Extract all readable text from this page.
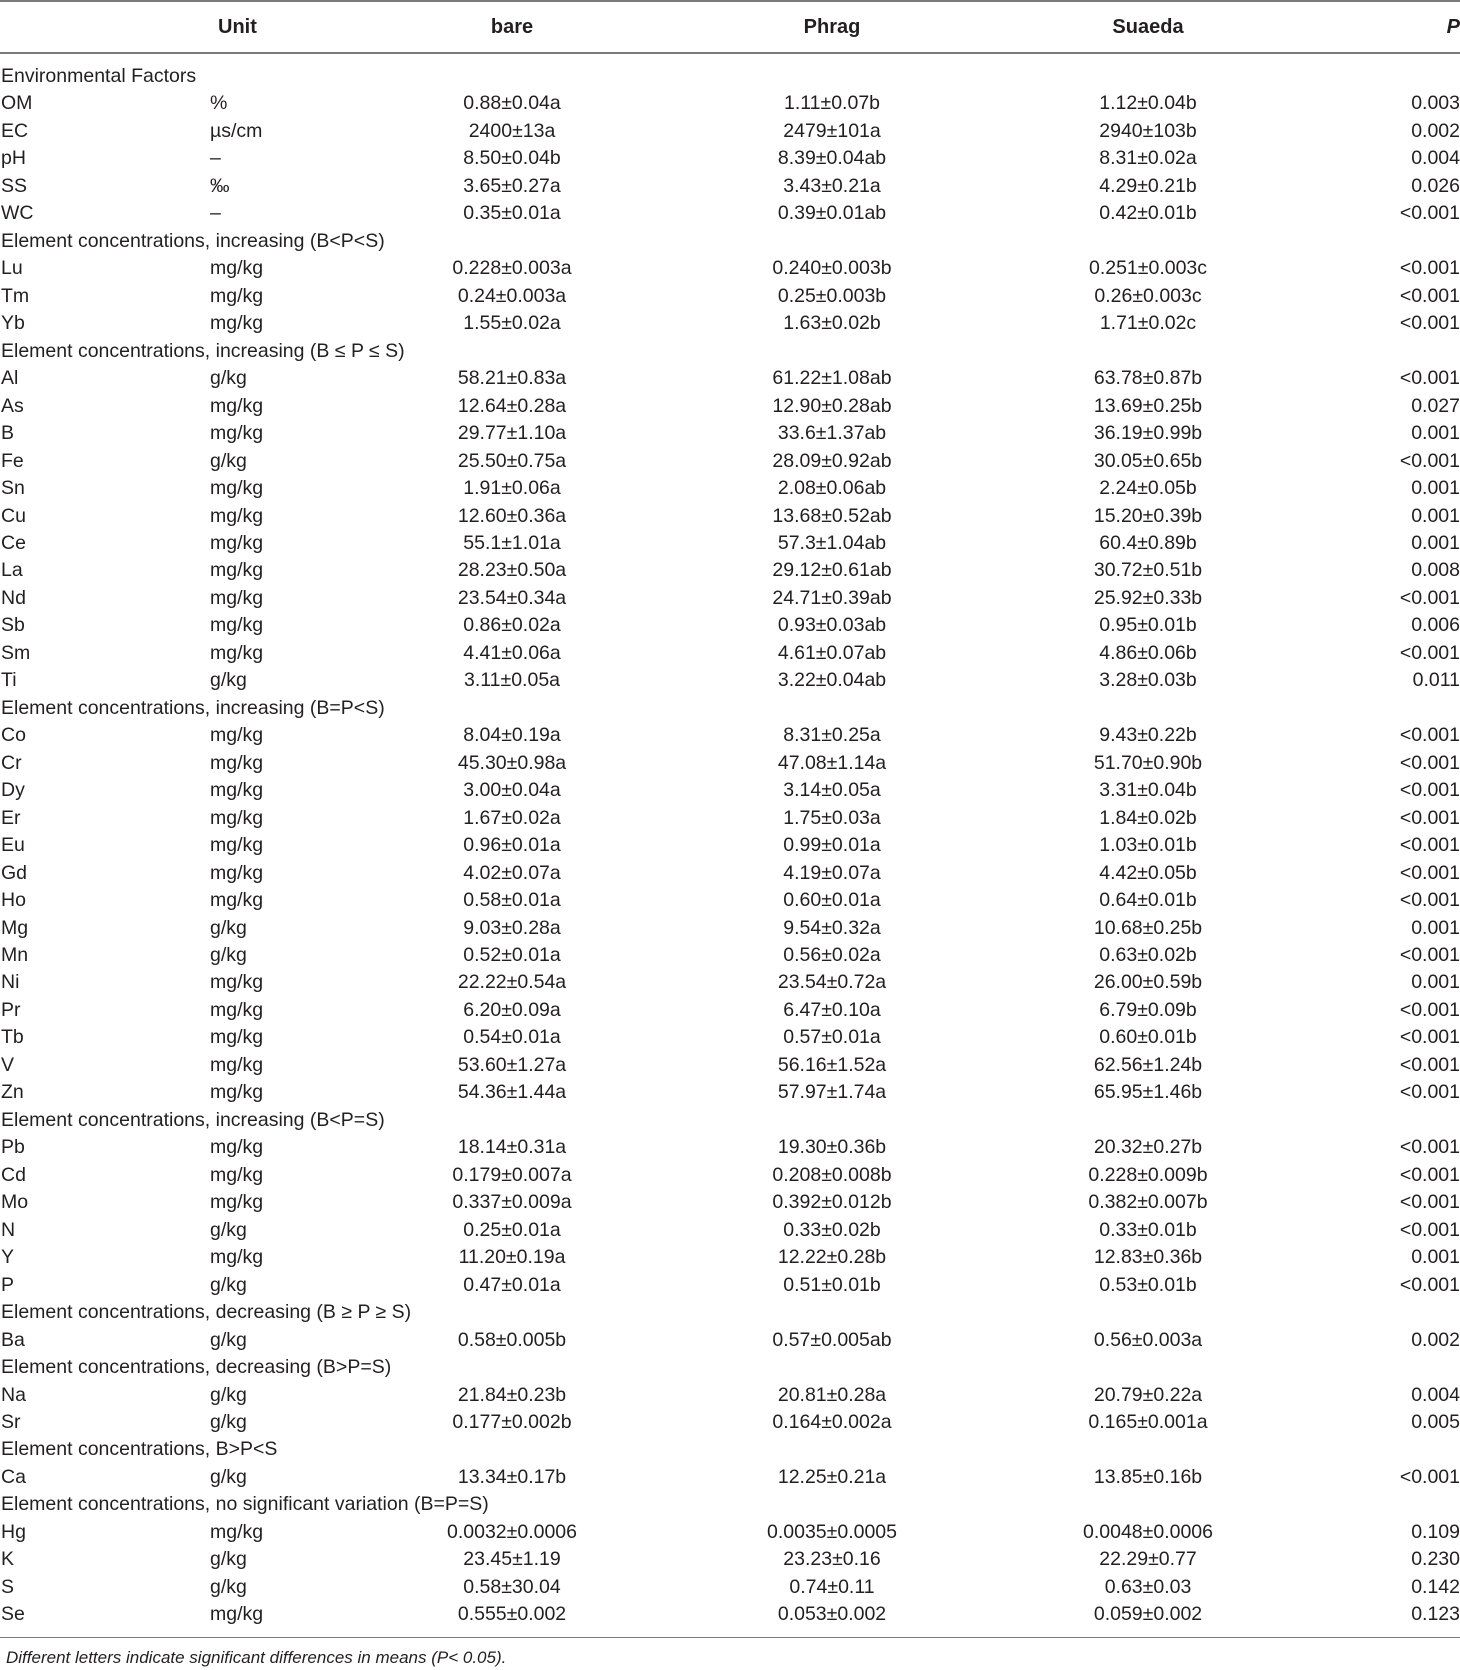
Unit	bare	Phrag	Suaeda	P
Environmental Factors
OM	%	0.88±0.04a	1.11±0.07b	1.12±0.04b	0.003
EC	µs/cm	2400±13a	2479±101a	2940±103b	0.002
pH	–	8.50±0.04b	8.39±0.04ab	8.31±0.02a	0.004
SS	‰	3.65±0.27a	3.43±0.21a	4.29±0.21b	0.026
WC	–	0.35±0.01a	0.39±0.01ab	0.42±0.01b	<0.001
Element concentrations, increasing (B<P<S)
Lu	mg/kg	0.228±0.003a	0.240±0.003b	0.251±0.003c	<0.001
Tm	mg/kg	0.24±0.003a	0.25±0.003b	0.26±0.003c	<0.001
Yb	mg/kg	1.55±0.02a	1.63±0.02b	1.71±0.02c	<0.001
Element concentrations, increasing (B ≤ P ≤ S)
Al	g/kg	58.21±0.83a	61.22±1.08ab	63.78±0.87b	<0.001
As	mg/kg	12.64±0.28a	12.90±0.28ab	13.69±0.25b	0.027
B	mg/kg	29.77±1.10a	33.6±1.37ab	36.19±0.99b	0.001
Fe	g/kg	25.50±0.75a	28.09±0.92ab	30.05±0.65b	<0.001
Sn	mg/kg	1.91±0.06a	2.08±0.06ab	2.24±0.05b	0.001
Cu	mg/kg	12.60±0.36a	13.68±0.52ab	15.20±0.39b	0.001
Ce	mg/kg	55.1±1.01a	57.3±1.04ab	60.4±0.89b	0.001
La	mg/kg	28.23±0.50a	29.12±0.61ab	30.72±0.51b	0.008
Nd	mg/kg	23.54±0.34a	24.71±0.39ab	25.92±0.33b	<0.001
Sb	mg/kg	0.86±0.02a	0.93±0.03ab	0.95±0.01b	0.006
Sm	mg/kg	4.41±0.06a	4.61±0.07ab	4.86±0.06b	<0.001
Ti	g/kg	3.11±0.05a	3.22±0.04ab	3.28±0.03b	0.011
Element concentrations, increasing (B=P<S)
Co	mg/kg	8.04±0.19a	8.31±0.25a	9.43±0.22b	<0.001
Cr	mg/kg	45.30±0.98a	47.08±1.14a	51.70±0.90b	<0.001
Dy	mg/kg	3.00±0.04a	3.14±0.05a	3.31±0.04b	<0.001
Er	mg/kg	1.67±0.02a	1.75±0.03a	1.84±0.02b	<0.001
Eu	mg/kg	0.96±0.01a	0.99±0.01a	1.03±0.01b	<0.001
Gd	mg/kg	4.02±0.07a	4.19±0.07a	4.42±0.05b	<0.001
Ho	mg/kg	0.58±0.01a	0.60±0.01a	0.64±0.01b	<0.001
Mg	g/kg	9.03±0.28a	9.54±0.32a	10.68±0.25b	0.001
Mn	g/kg	0.52±0.01a	0.56±0.02a	0.63±0.02b	<0.001
Ni	mg/kg	22.22±0.54a	23.54±0.72a	26.00±0.59b	0.001
Pr	mg/kg	6.20±0.09a	6.47±0.10a	6.79±0.09b	<0.001
Tb	mg/kg	0.54±0.01a	0.57±0.01a	0.60±0.01b	<0.001
V	mg/kg	53.60±1.27a	56.16±1.52a	62.56±1.24b	<0.001
Zn	mg/kg	54.36±1.44a	57.97±1.74a	65.95±1.46b	<0.001
Element concentrations, increasing (B<P=S)
Pb	mg/kg	18.14±0.31a	19.30±0.36b	20.32±0.27b	<0.001
Cd	mg/kg	0.179±0.007a	0.208±0.008b	0.228±0.009b	<0.001
Mo	mg/kg	0.337±0.009a	0.392±0.012b	0.382±0.007b	<0.001
N	g/kg	0.25±0.01a	0.33±0.02b	0.33±0.01b	<0.001
Y	mg/kg	11.20±0.19a	12.22±0.28b	12.83±0.36b	0.001
P	g/kg	0.47±0.01a	0.51±0.01b	0.53±0.01b	<0.001
Element concentrations, decreasing (B ≥ P ≥ S)
Ba	g/kg	0.58±0.005b	0.57±0.005ab	0.56±0.003a	0.002
Element concentrations, decreasing (B>P=S)
Na	g/kg	21.84±0.23b	20.81±0.28a	20.79±0.22a	0.004
Sr	g/kg	0.177±0.002b	0.164±0.002a	0.165±0.001a	0.005
Element concentrations, B>P<S
Ca	g/kg	13.34±0.17b	12.25±0.21a	13.85±0.16b	<0.001
Element concentrations, no significant variation (B=P=S)
Hg	mg/kg	0.0032±0.0006	0.0035±0.0005	0.0048±0.0006	0.109
K	g/kg	23.45±1.19	23.23±0.16	22.29±0.77	0.230
S	g/kg	0.58±30.04	0.74±0.11	0.63±0.03	0.142
Se	mg/kg	0.555±0.002	0.053±0.002	0.059±0.002	0.123
Different letters indicate significant differences in means (P< 0.05).
